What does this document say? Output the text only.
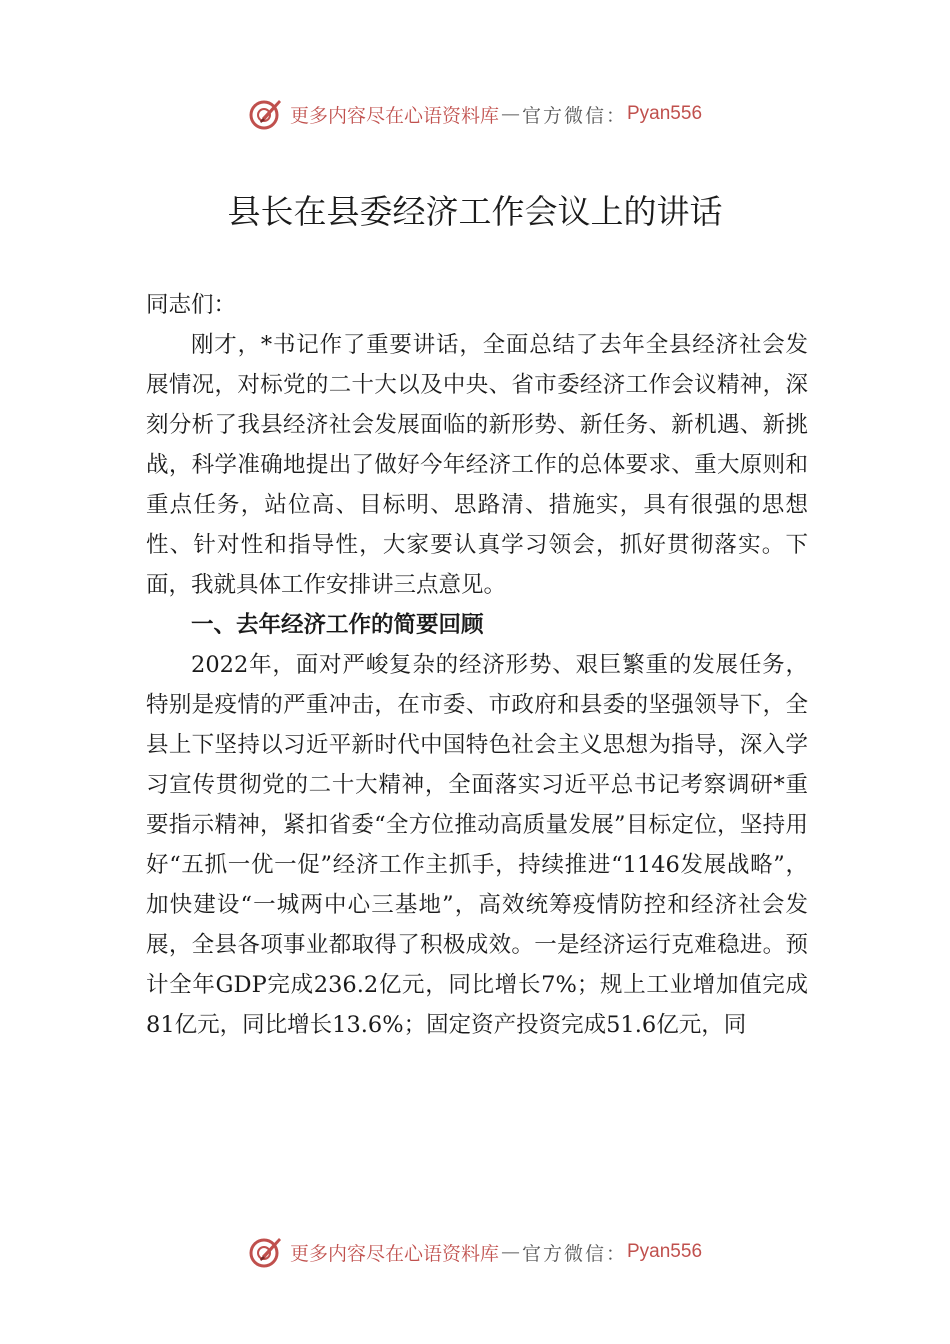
更多内容尽在心语资料库 — 官方微信： Pyan556
县长在县委经济工作会议上的讲话

同志们：

刚才，*书记作了重要讲话，全面总结了去年全县经济社会发展情况，对标党的二十大以及中央、省市委经济工作会议精神，深刻分析了我县经济社会发展面临的新形势、新任务、新机遇、新挑战，科学准确地提出了做好今年经济工作的总体要求、重大原则和重点任务，站位高、目标明、思路清、措施实，具有很强的思想性、针对性和指导性，大家要认真学习领会，抓好贯彻落实。下面，我就具体工作安排讲三点意见。

一、去年经济工作的简要回顾

2022年，面对严峻复杂的经济形势、艰巨繁重的发展任务，特别是疫情的严重冲击，在市委、市政府和县委的坚强领导下，全县上下坚持以习近平新时代中国特色社会主义思想为指导，深入学习宣传贯彻党的二十大精神，全面落实习近平总书记考察调研*重要指示精神，紧扣省委“全方位推动高质量发展”目标定位，坚持用好“五抓一优一促”经济工作主抓手，持续推进“1146发展战略”，加快建设“一城两中心三基地”，高效统筹疫情防控和经济社会发展，全县各项事业都取得了积极成效。一是经济运行克难稳进。预计全年GDP完成236.2亿元，同比增长7%；规上工业增加值完成81亿元，同比增长13.6%；固定资产投资完成51.6亿元，同

更多内容尽在心语资料库 — 官方微信： Pyan556
